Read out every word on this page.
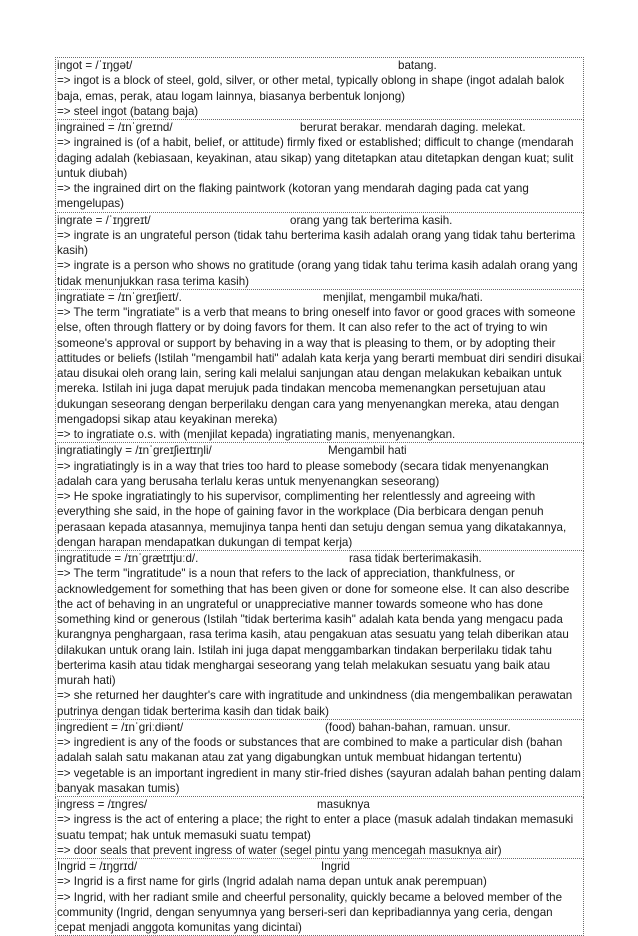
ingot = /ˈɪŋɡət/	batang.
=> ingot is a block of steel, gold, silver, or other metal, typically oblong in shape (ingot adalah balok baja, emas, perak, atau logam lainnya, biasanya berbentuk lonjong)
=> steel ingot (batang baja)
ingrained = /ɪnˈɡreɪnd/	berurat berakar. mendarah daging. melekat.
=> ingrained is (of a habit, belief, or attitude) firmly fixed or established; difficult to change (mendarah daging adalah (kebiasaan, keyakinan, atau sikap) yang ditetapkan atau ditetapkan dengan kuat; sulit untuk diubah)
=> the ingrained dirt on the flaking paintwork (kotoran yang mendarah daging pada cat yang mengelupas)
ingrate = /ˈɪŋɡreɪt/	orang yang tak berterima kasih.
=> ingrate is an ungrateful person (tidak tahu berterima kasih adalah orang yang tidak tahu berterima kasih)
=> ingrate is a person who shows no gratitude (orang yang tidak tahu terima kasih adalah orang yang tidak menunjukkan rasa terima kasih)
ingratiate = /ɪnˈɡreɪʃieɪt/.	menjilat, mengambil muka/hati.
=> The term "ingratiate" is a verb that means to bring oneself into favor or good graces with someone else, often through flattery or by doing favors for them. It can also refer to the act of trying to win someone's approval or support by behaving in a way that is pleasing to them, or by adopting their attitudes or beliefs (Istilah "mengambil hati" adalah kata kerja yang berarti membuat diri sendiri disukai atau disukai oleh orang lain, sering kali melalui sanjungan atau dengan melakukan kebaikan untuk mereka. Istilah ini juga dapat merujuk pada tindakan mencoba memenangkan persetujuan atau dukungan seseorang dengan berperilaku dengan cara yang menyenangkan mereka, atau dengan mengadopsi sikap atau keyakinan mereka)
=> to ingratiate o.s. with (menjilat kepada) ingratiating manis, menyenangkan.
ingratiatingly = /ɪnˈɡreɪʃieɪtɪŋli/	Mengambil hati
=> ingratiatingly is in a way that tries too hard to please somebody (secara tidak menyenangkan adalah cara yang berusaha terlalu keras untuk menyenangkan seseorang)
=> He spoke ingratiatingly to his supervisor, complimenting her relentlessly and agreeing with everything she said, in the hope of gaining favor in the workplace (Dia berbicara dengan penuh perasaan kepada atasannya, memujinya tanpa henti dan setuju dengan semua yang dikatakannya, dengan harapan mendapatkan dukungan di tempat kerja)
ingratitude = /ɪnˈɡrætɪtjuːd/.	rasa tidak berterimakasih.
=> The term "ingratitude" is a noun that refers to the lack of appreciation, thankfulness, or acknowledgement for something that has been given or done for someone else. It can also describe the act of behaving in an ungrateful or unappreciative manner towards someone who has done something kind or generous (Istilah "tidak berterima kasih" adalah kata benda yang mengacu pada kurangnya penghargaan, rasa terima kasih, atau pengakuan atas sesuatu yang telah diberikan atau dilakukan untuk orang lain. Istilah ini juga dapat menggambarkan tindakan berperilaku tidak tahu berterima kasih atau tidak menghargai seseorang yang telah melakukan sesuatu yang baik atau murah hati)
=> she returned her daughter's care with ingratitude and unkindness (dia mengembalikan perawatan putrinya dengan tidak berterima kasih dan tidak baik)
ingredient = /ɪnˈɡriːdiənt/	(food) bahan-bahan, ramuan. unsur.
=> ingredient is any of the foods or substances that are combined to make a particular dish (bahan adalah salah satu makanan atau zat yang digabungkan untuk membuat hidangan tertentu)
=> vegetable is an important ingredient in many stir-fried dishes (sayuran adalah bahan penting dalam banyak masakan tumis)
ingress = /ɪnɡres/	masuknya
=> ingress is the act of entering a place; the right to enter a place (masuk adalah tindakan memasuki suatu tempat; hak untuk memasuki suatu tempat)
=> door seals that prevent ingress of water (segel pintu yang mencegah masuknya air)
Ingrid = /ɪŋɡrɪd/	Ingrid
=> Ingrid is a first name for girls (Ingrid adalah nama depan untuk anak perempuan)
=> Ingrid, with her radiant smile and cheerful personality, quickly became a beloved member of the community (Ingrid, dengan senyumnya yang berseri-seri dan kepribadiannya yang ceria, dengan cepat menjadi anggota komunitas yang dicintai)
